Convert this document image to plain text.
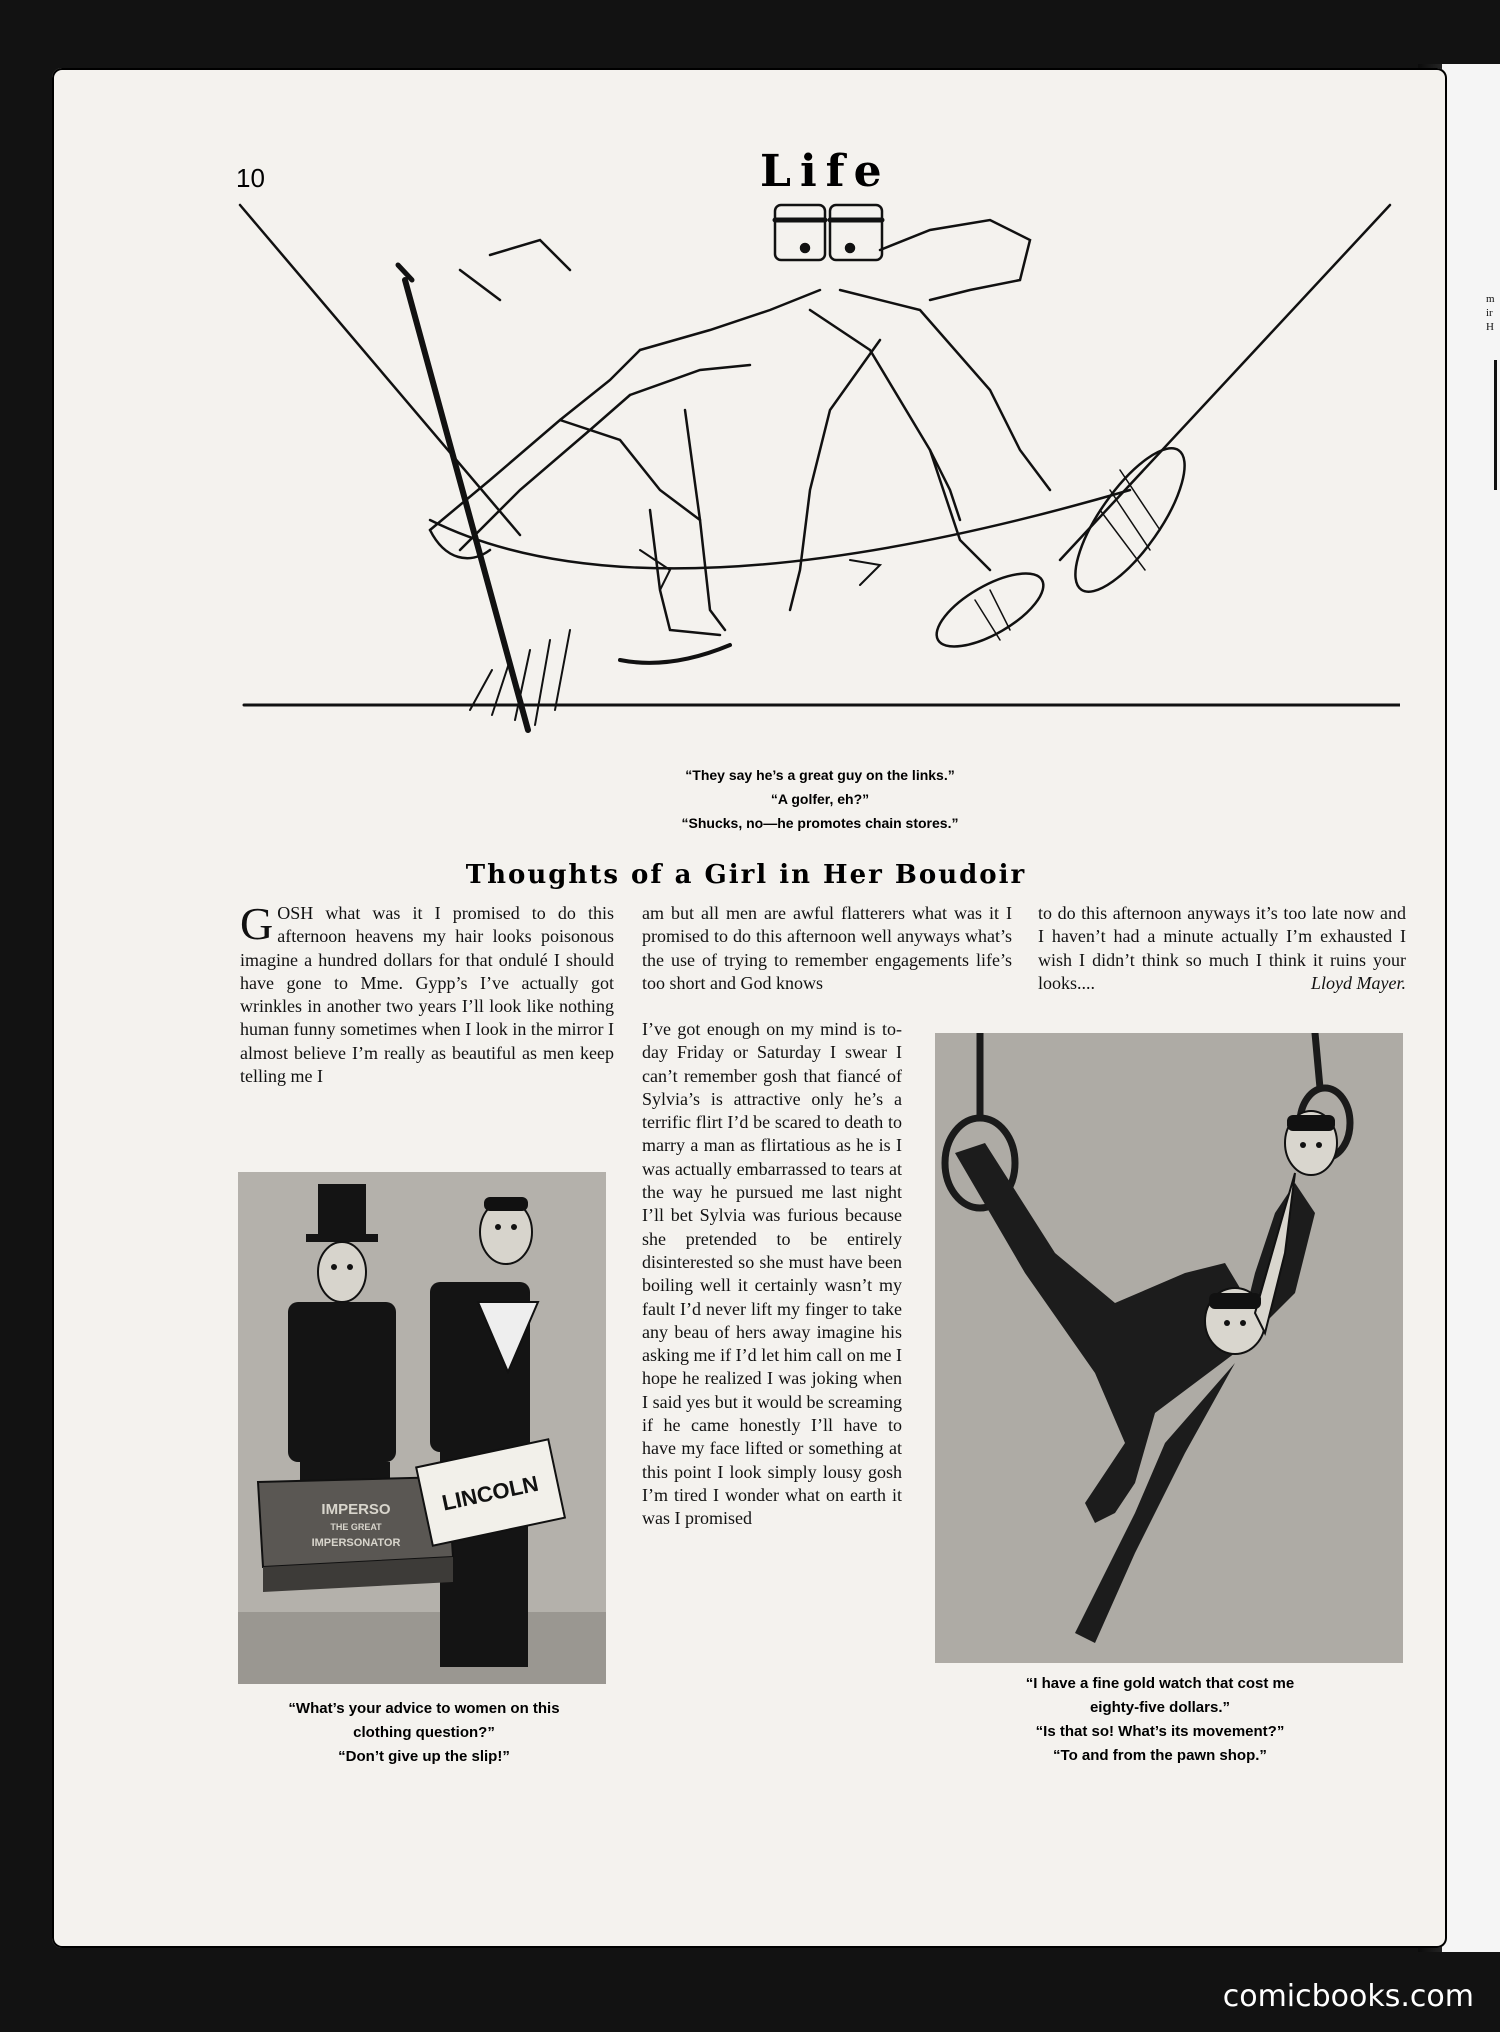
m
ir
H
10	Life
“They say he’s a great guy on the links.”
“A golfer, eh?”
“Shucks, no—he promotes chain stores.”
Thoughts of a Girl in Her Boudoir

GOSH what was it I promised to do this afternoon heavens my hair looks poisonous imagine a hundred dollars for that ondulé I should have gone to Mme. Gypp’s I’ve actually got wrinkles in another two years I’ll look like nothing human funny sometimes when I look in the mirror I almost believe I’m really as beautiful as men keep telling me I

am but all men are awful flatterers what was it I promised to do this afternoon well anyways what’s the use of trying to remember engagements life’s too short and God knows

I’ve got enough on my mind is to-day Friday or Saturday I swear I can’t remember gosh that fiancé of Sylvia’s is attractive only he’s a terrific flirt I’d be scared to death to marry a man as flirtatious as he is I was actually embarrassed to tears at the way he pursued me last night I’ll bet Sylvia was furious because she pretended to be entirely disinterested so she must have been boiling well it certainly wasn’t my fault I’d never lift my finger to take any beau of hers away imagine his asking me if I’d let him call on me I hope he realized I was joking when I said yes but it would be screaming if he came honestly I’ll have to have my face lifted or something at this point I look simply lousy gosh I’m tired I wonder what on earth it was I promised

to do this afternoon anyways it’s too late now and I haven’t had a minute actually I’m exhausted I wish I didn’t think so much I think it ruins your looks....	Lloyd Mayer.

IMPERSO
THE GREAT
IMPERSONATOR
LINCOLN
“What’s your advice to women on this
clothing question?”
“Don’t give up the slip!”
“I have a fine gold watch that cost me
eighty-five dollars.”
“Is that so! What’s its movement?”
“To and from the pawn shop.”
comicbooks.com
